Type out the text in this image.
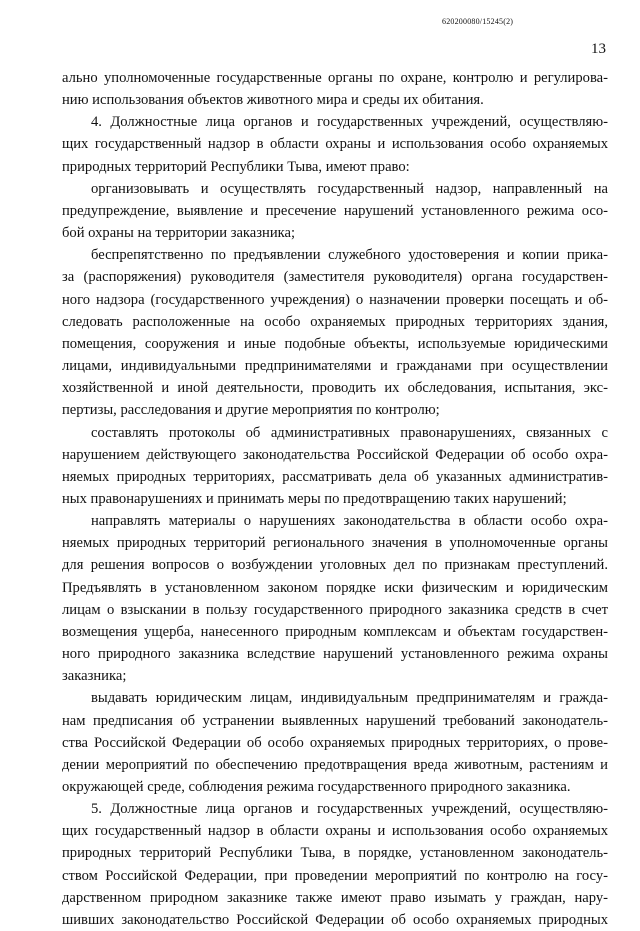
620200080/15245(2)
13
ально уполномоченные государственные органы по охране, контролю и регулирова-
нию использования объектов животного мира и среды их обитания.
4. Должностные лица органов и государственных учреждений, осуществляю-
щих государственный надзор в области охраны и использования особо охраняемых
природных территорий Республики Тыва, имеют право:
организовывать и осуществлять государственный надзор, направленный на
предупреждение, выявление и пресечение нарушений установленного режима осо-
бой охраны на территории заказника;
беспрепятственно по предъявлении служебного удостоверения и копии прика-
за (распоряжения) руководителя (заместителя руководителя) органа государствен-
ного надзора (государственного учреждения) о назначении проверки посещать и об-
следовать расположенные на особо охраняемых природных территориях здания,
помещения, сооружения и иные подобные объекты, используемые юридическими
лицами, индивидуальными предпринимателями и гражданами при осуществлении
хозяйственной и иной деятельности, проводить их обследования, испытания, экс-
пертизы, расследования и другие мероприятия по контролю;
составлять протоколы об административных правонарушениях, связанных с
нарушением действующего законодательства Российской Федерации об особо охра-
няемых природных территориях, рассматривать дела об указанных административ-
ных правонарушениях и принимать меры по предотвращению таких нарушений;
направлять материалы о нарушениях законодательства в области особо охра-
няемых природных территорий регионального значения в уполномоченные органы
для решения вопросов о возбуждении уголовных дел по признакам преступлений.
Предъявлять в установленном законом порядке иски физическим и юридическим
лицам о взыскании в пользу государственного природного заказника средств в счет
возмещения ущерба, нанесенного природным комплексам и объектам государствен-
ного природного заказника вследствие нарушений установленного режима охраны
заказника;
выдавать юридическим лицам, индивидуальным предпринимателям и гражда-
нам предписания об устранении выявленных нарушений требований законодатель-
ства Российской Федерации об особо охраняемых природных территориях, о прове-
дении мероприятий по обеспечению предотвращения вреда животным, растениям и
окружающей среде, соблюдения режима государственного природного заказника.
5. Должностные лица органов и государственных учреждений, осуществляю-
щих государственный надзор в области охраны и использования особо охраняемых
природных территорий Республики Тыва, в порядке, установленном законодатель-
ством Российской Федерации, при проведении мероприятий по контролю на госу-
дарственном природном заказнике также имеют право изымать у граждан, нару-
шивших законодательство Российской Федерации об особо охраняемых природных
